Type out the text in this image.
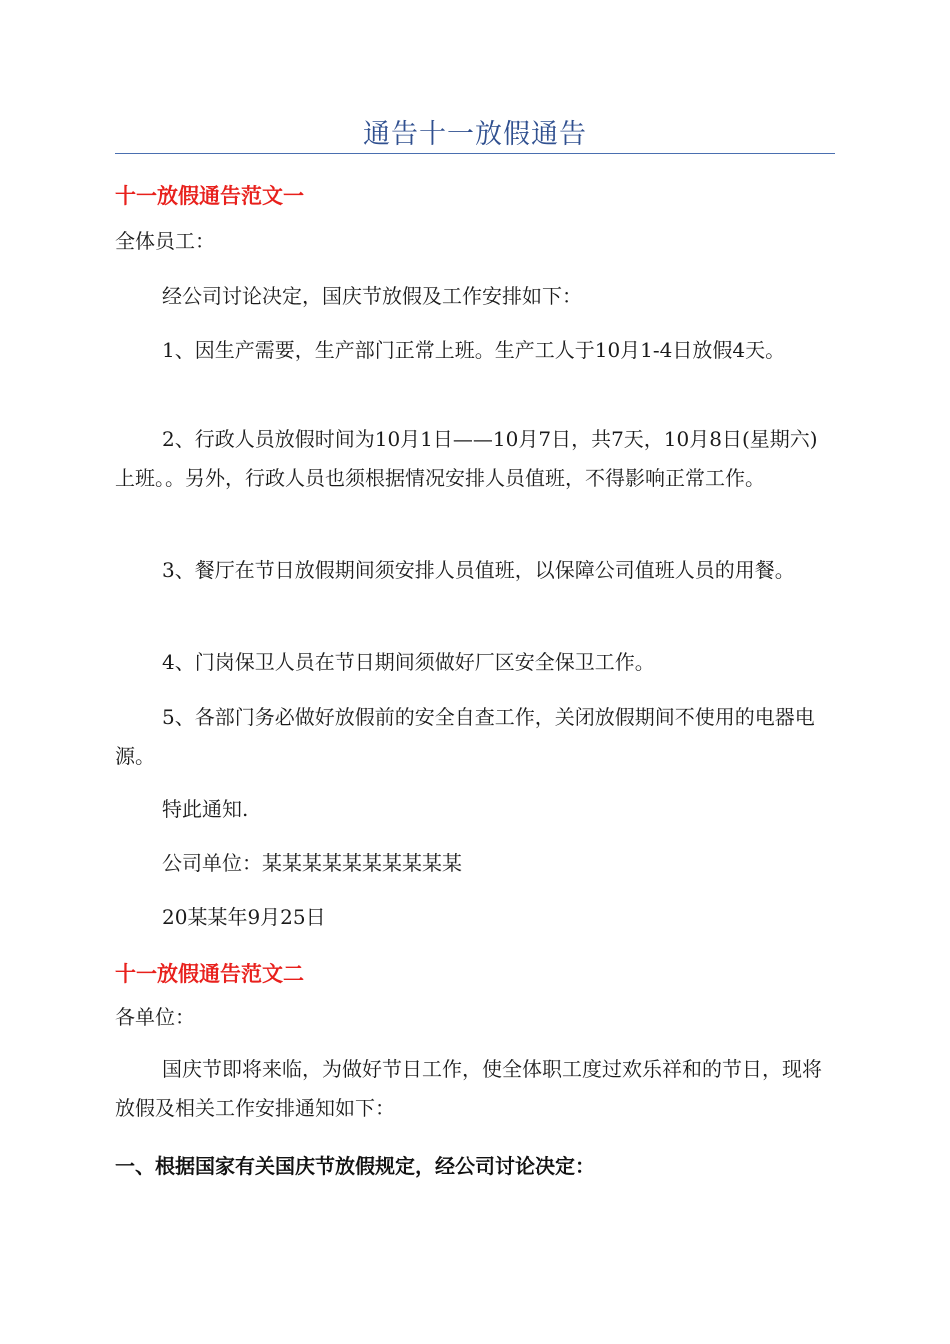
通告十一放假通告
十一放假通告范文一

全体员工：

经公司讨论决定，国庆节放假及工作安排如下：

1、因生产需要，生产部门正常上班。生产工人于10月1-4日放假4天。

2、行政人员放假时间为10月1日——10月7日，共7天，10月8日(星期六)上班。。另外，行政人员也须根据情况安排人员值班，不得影响正常工作。

3、餐厅在节日放假期间须安排人员值班，以保障公司值班人员的用餐。

4、门岗保卫人员在节日期间须做好厂区安全保卫工作。

5、各部门务必做好放假前的安全自查工作，关闭放假期间不使用的电器电源。

特此通知.

公司单位：某某某某某某某某某某

20某某年9月25日

十一放假通告范文二

各单位：

国庆节即将来临，为做好节日工作，使全体职工度过欢乐祥和的节日，现将放假及相关工作安排通知如下：

一、根据国家有关国庆节放假规定，经公司讨论决定：
